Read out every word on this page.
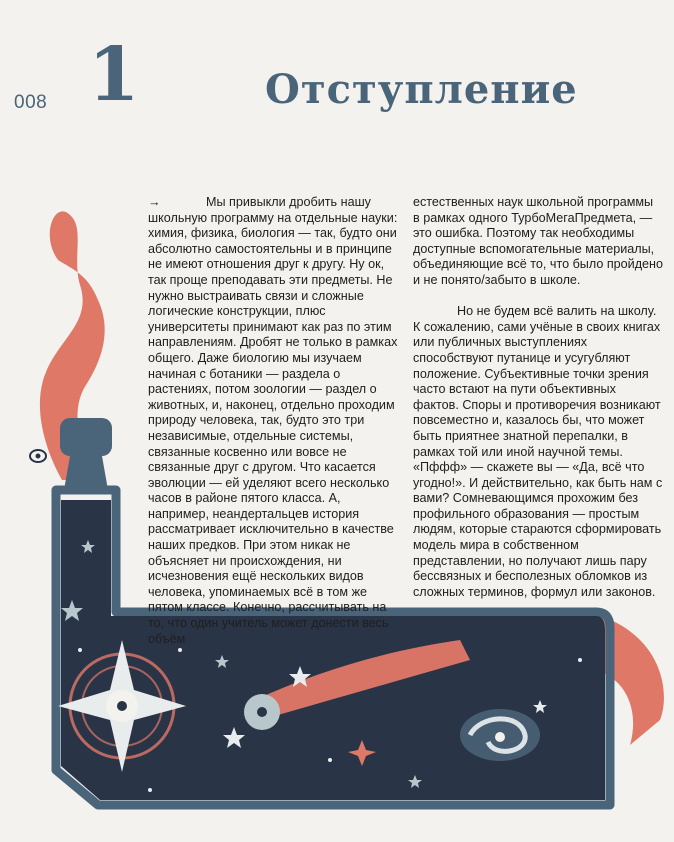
008 1	Отступление

→	Мы привыкли дробить нашу школьную программу на отдельные науки: химия, физика, биология — так, будто они абсолютно самостоятельны и в принципе не имеют отношения друг к другу. Ну ок, так проще преподавать эти предметы. Не нужно выстраивать связи и сложные логические конструкции, плюс университеты принимают как раз по этим направлениям. Дробят не только в рамках общего. Даже биологию мы изучаем начиная с ботаники — раздела о растениях, потом зоологии — раздел о животных, и, наконец, отдельно проходим природу человека, так, будто это три независимые, отдельные системы, связанные косвенно или вовсе не связанные друг с другом. Что касается эволюции — ей уделяют всего несколько часов в районе пятого класса. А, например, неандертальцев история рассматривает исключительно в качестве наших предков. При этом никак не объясняет ни происхождения, ни исчезновения ещё нескольких видов человека, упоминаемых всё в том же пятом классе. Конечно, рассчитывать на то, что один учитель может донести весь объём

естественных наук школьной программы в рамках одного ТурбоМегаПредмета, — это ошибка. Поэтому так необходимы доступные вспомогательные материалы, объединяющие всё то, что было пройдено и не понято/забыто в школе.

Но не будем всё валить на школу. К сожалению, сами учёные в своих книгах или публичных выступлениях способствуют путанице и усугубляют положение. Субъективные точки зрения часто встают на пути объективных фактов. Споры и противоречия возникают повсеместно и, казалось бы, что может быть приятнее знатной перепалки, в рамках той или иной научной темы. «Пффф» — скажете вы — «Да, всё что угодно!». И действительно, как быть нам с вами? Сомневающимся прохожим без профильного образования — простым людям, которые стараются сформировать модель мира в собственном представлении, но получают лишь пару бессвязных и бесполезных обломков из сложных терминов, формул или законов.
